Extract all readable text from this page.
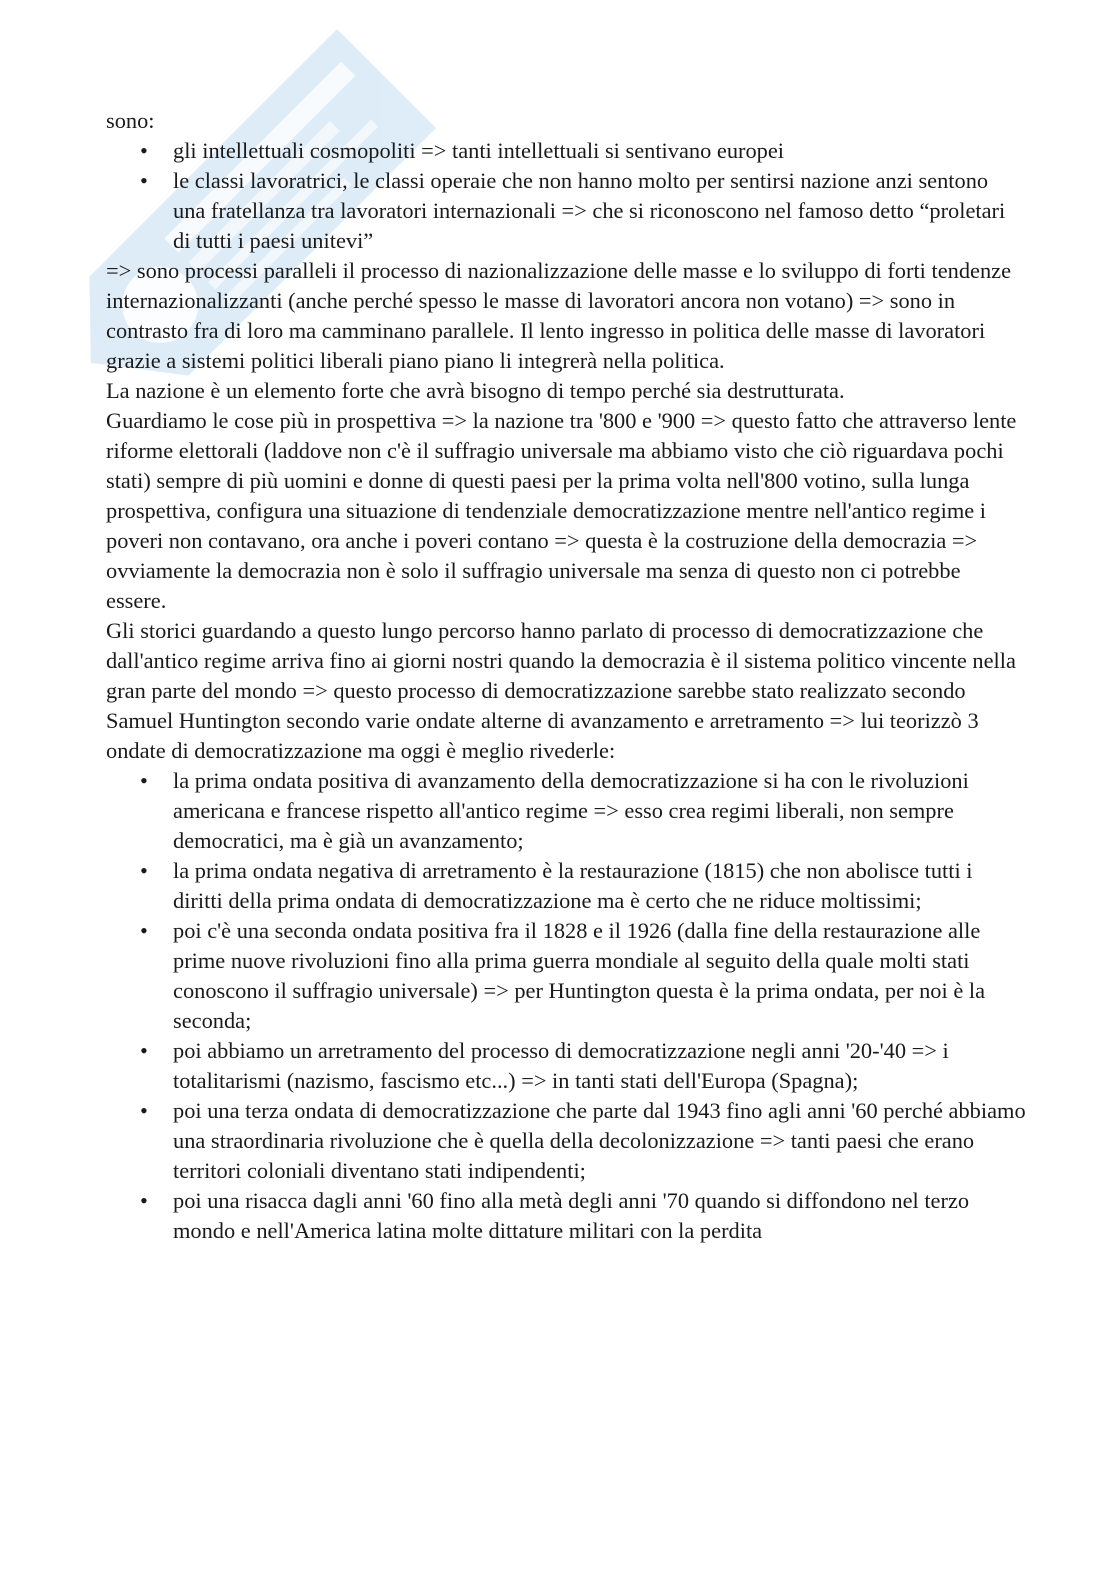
sono:

• gli intellettuali cosmopoliti => tanti intellettuali si sentivano europei
• le classi lavoratrici, le classi operaie che non hanno molto per sentirsi nazione anzi sentono una fratellanza tra lavoratori internazionali => che si riconoscono nel famoso detto “proletari di tutti i paesi unitevi”

=> sono processi paralleli il processo di nazionalizzazione delle masse e lo sviluppo di forti tendenze internazionalizzanti (anche perché spesso le masse di lavoratori ancora non votano) => sono in contrasto fra di loro ma camminano parallele. Il lento ingresso in politica delle masse di lavoratori grazie a sistemi politici liberali piano piano li integrerà nella politica.

La nazione è un elemento forte che avrà bisogno di tempo perché sia destrutturata.

Guardiamo le cose più in prospettiva => la nazione tra '800 e '900 => questo fatto che attraverso lente riforme elettorali (laddove non c'è il suffragio universale ma abbiamo visto che ciò riguardava pochi stati) sempre di più uomini e donne di questi paesi per la prima volta nell'800 votino, sulla lunga prospettiva, configura una situazione di tendenziale democratizzazione mentre nell'antico regime i poveri non contavano, ora anche i poveri contano => questa è la costruzione della democrazia => ovviamente la democrazia non è solo il suffragio universale ma senza di questo non ci potrebbe essere.

Gli storici guardando a questo lungo percorso hanno parlato di processo di democratizzazione che dall'antico regime arriva fino ai giorni nostri quando la democrazia è il sistema politico vincente nella gran parte del mondo => questo processo di democratizzazione sarebbe stato realizzato secondo Samuel Huntington secondo varie ondate alterne di avanzamento e arretramento => lui teorizzò 3 ondate di democratizzazione ma oggi è meglio rivederle:

• la prima ondata positiva di avanzamento della democratizzazione si ha con le rivoluzioni americana e francese rispetto all'antico regime => esso crea regimi liberali, non sempre democratici, ma è già un avanzamento;
• la prima ondata negativa di arretramento è la restaurazione (1815) che non abolisce tutti i diritti della prima ondata di democratizzazione ma è certo che ne riduce moltissimi;
• poi c'è una seconda ondata positiva fra il 1828 e il 1926 (dalla fine della restaurazione alle prime nuove rivoluzioni fino alla prima guerra mondiale al seguito della quale molti stati conoscono il suffragio universale) => per Huntington questa è la prima ondata, per noi è la seconda;
• poi abbiamo un arretramento del processo di democratizzazione negli anni '20-'40 => i totalitarismi (nazismo, fascismo etc...) => in tanti stati dell'Europa (Spagna);
• poi una terza ondata di democratizzazione che parte dal 1943 fino agli anni '60 perché abbiamo una straordinaria rivoluzione che è quella della decolonizzazione => tanti paesi che erano territori coloniali diventano stati indipendenti;
• poi una risacca dagli anni '60 fino alla metà degli anni '70 quando si diffondono nel terzo mondo e nell'America latina molte dittature militari con la perdita
